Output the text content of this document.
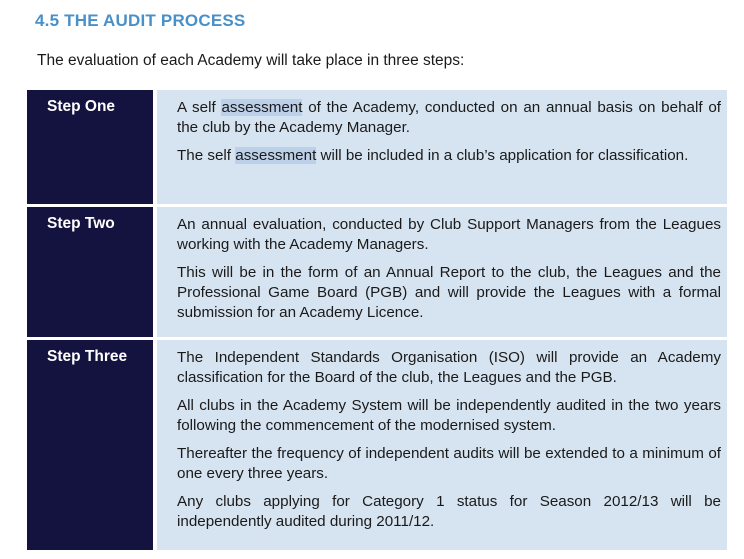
4.5 THE AUDIT PROCESS
The evaluation of each Academy will take place in three steps:
Step One	A self assessment of the Academy, conducted on an annual basis on behalf of the club by the Academy Manager.

The self assessment will be included in a club’s application for classification.

Step Two	An annual evaluation, conducted by Club Support Managers from the Leagues working with the Academy Managers.

This will be in the form of an Annual Report to the club, the Leagues and the Professional Game Board (PGB) and will provide the Leagues with a formal submission for an Academy Licence.

Step Three	The Independent Standards Organisation (ISO) will provide an Academy classification for the Board of the club, the Leagues and the PGB.

All clubs in the Academy System will be independently audited in the two years following the commencement of the modernised system.

Thereafter the frequency of independent audits will be extended to a minimum of one every three years.

Any clubs applying for Category 1 status for Season 2012/13 will be independently audited during 2011/12.
